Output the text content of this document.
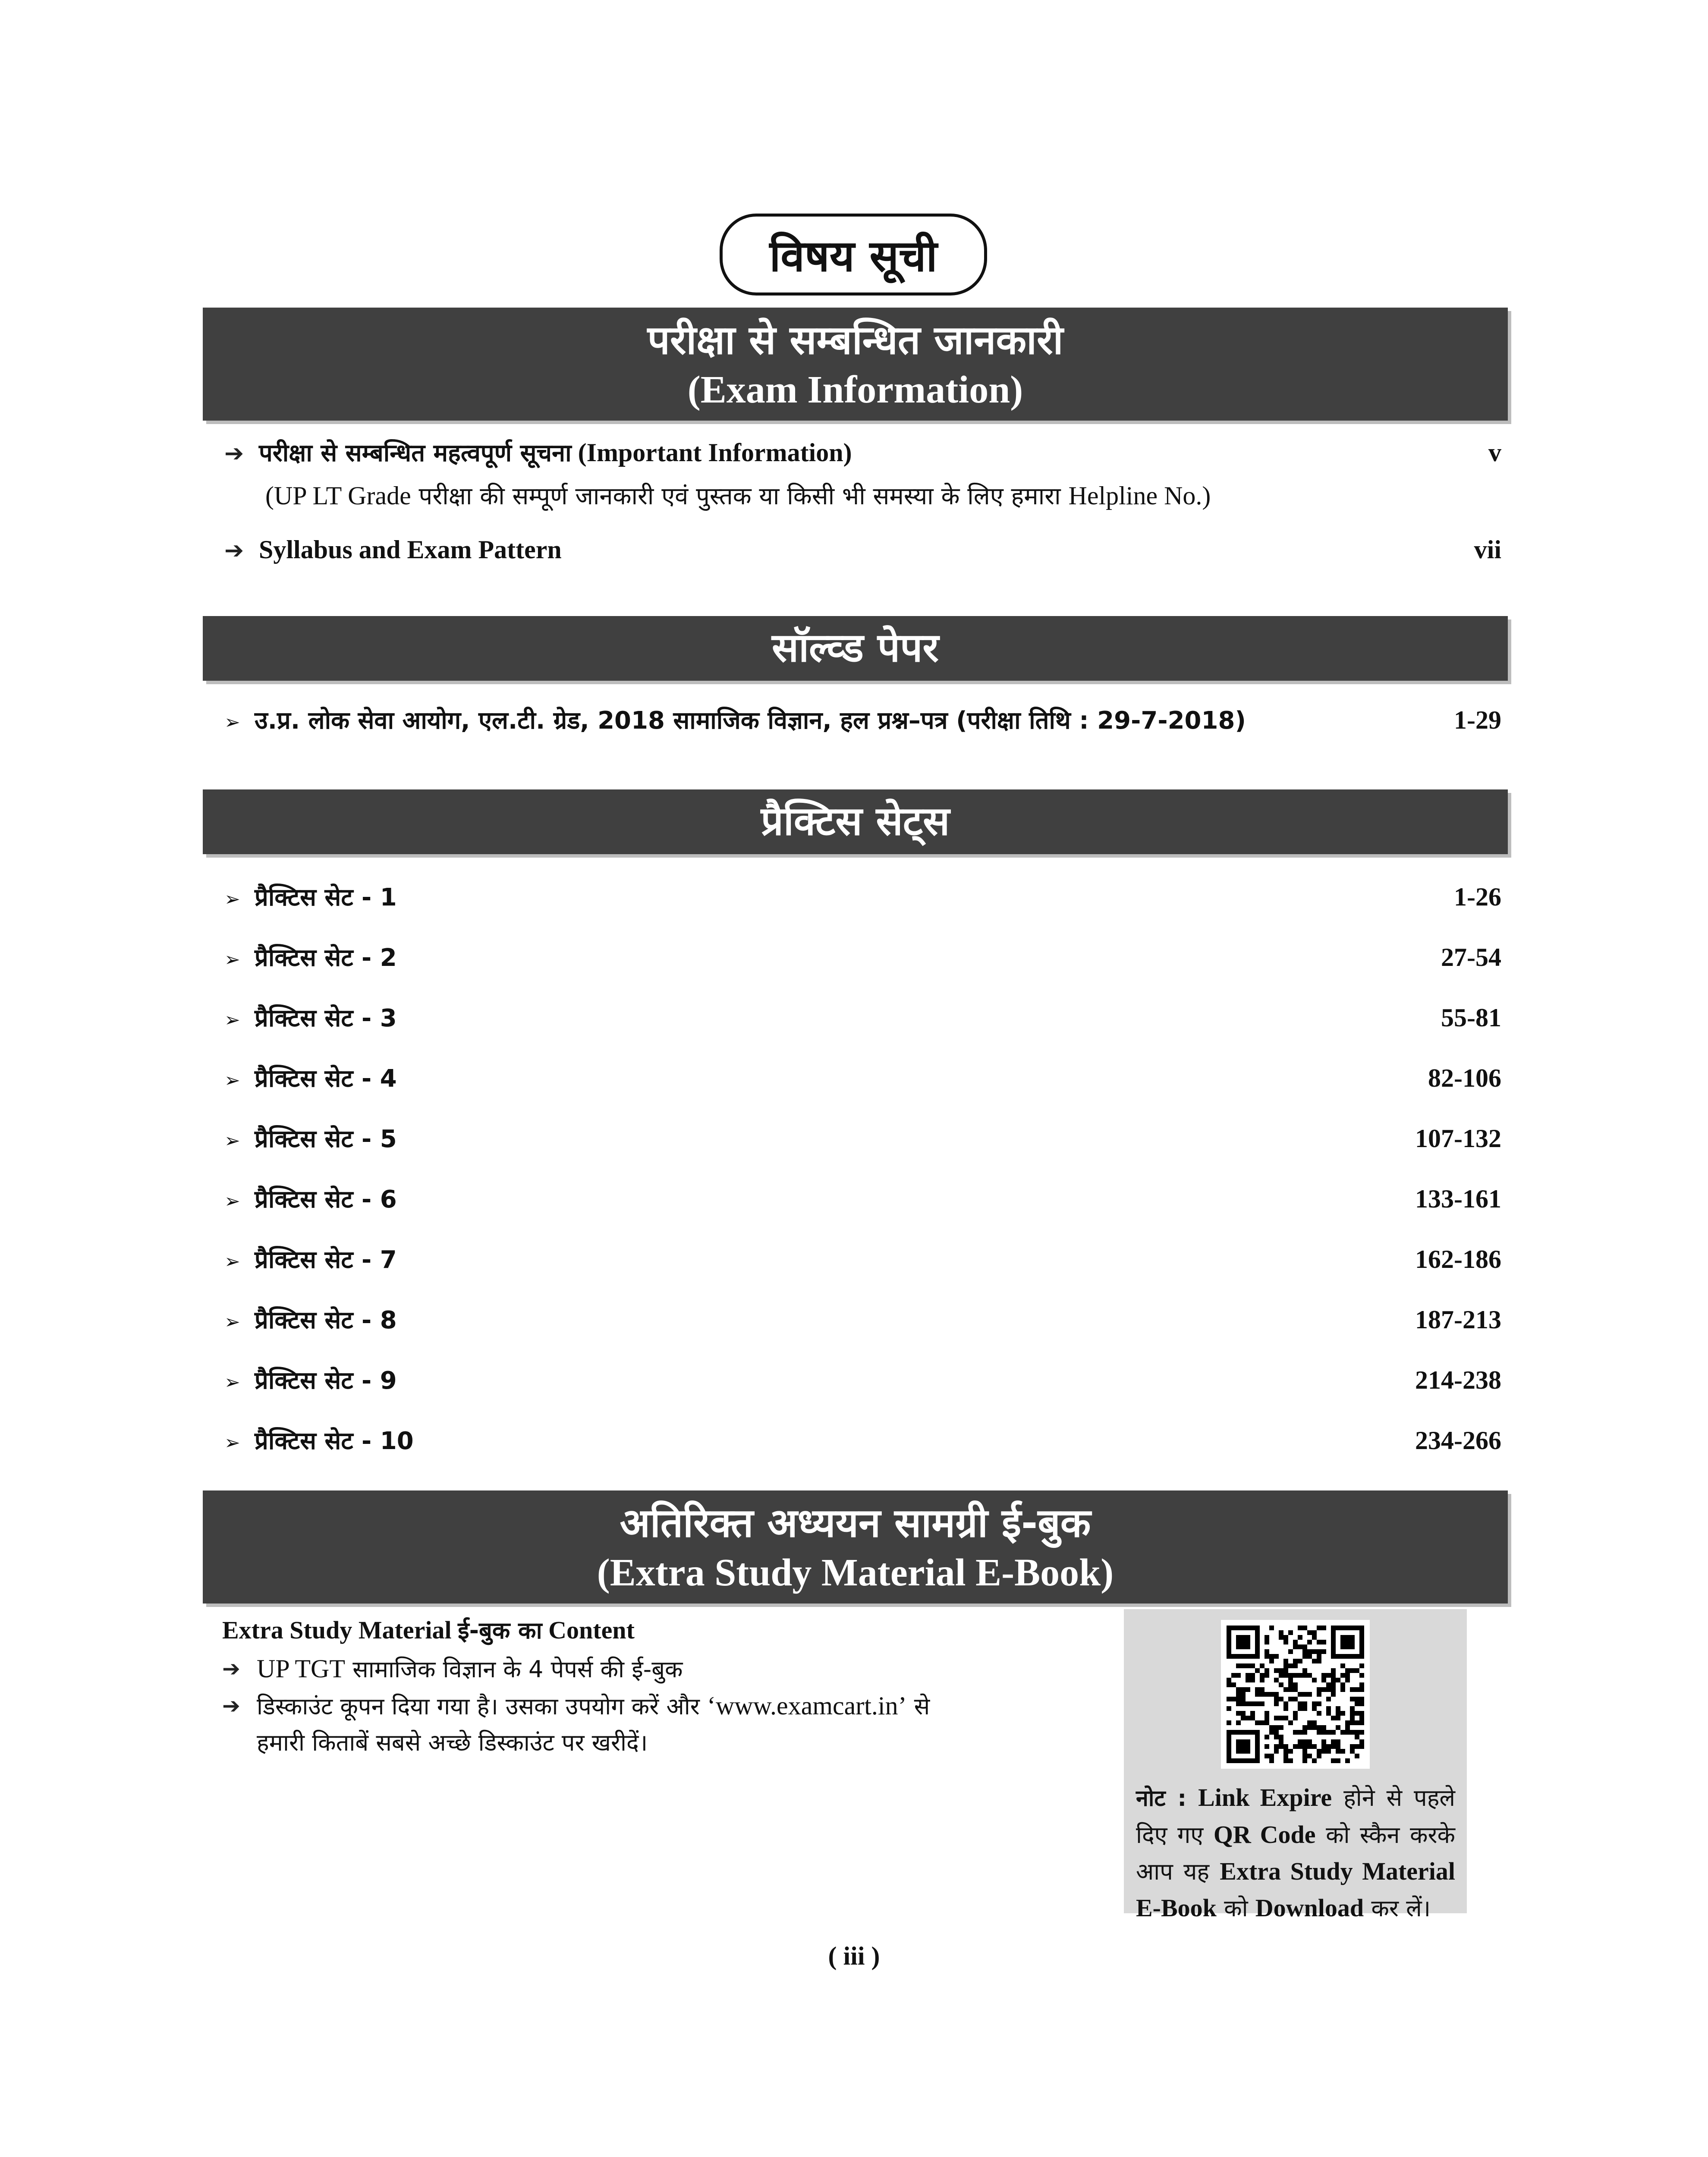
विषय सूची
परीक्षा से सम्बन्धित जानकारी
(Exam Information)
➔ परीक्षा से सम्बन्धित महत्वपूर्ण सूचना (Important Information)	v
(UP LT Grade परीक्षा की सम्पूर्ण जानकारी एवं पुस्तक या किसी भी समस्या के लिए हमारा Helpline No.)
➔ Syllabus and Exam Pattern	vii
सॉल्व्ड पेपर
➢ उ.प्र. लोक सेवा आयोग, एल.टी. ग्रेड, 2018 सामाजिक विज्ञान, हल प्रश्न–पत्र (परीक्षा तिथि : 29-7-2018)	1-29
प्रैक्टिस सेट्स
➢ प्रैक्टिस सेट - 1	1-26
➢ प्रैक्टिस सेट - 2	27-54
➢ प्रैक्टिस सेट - 3	55-81
➢ प्रैक्टिस सेट - 4	82-106
➢ प्रैक्टिस सेट - 5	107-132
➢ प्रैक्टिस सेट - 6	133-161
➢ प्रैक्टिस सेट - 7	162-186
➢ प्रैक्टिस सेट - 8	187-213
➢ प्रैक्टिस सेट - 9	214-238
➢ प्रैक्टिस सेट - 10	234-266
अतिरिक्त अध्ययन सामग्री ई-बुक
(Extra Study Material E-Book)
Extra Study Material ई-बुक का Content
➔ UP TGT सामाजिक विज्ञान के 4 पेपर्स की ई-बुक
➔ डिस्काउंट कूपन दिया गया है। उसका उपयोग करें और ‘www.examcart.in’ से
हमारी किताबें सबसे अच्छे डिस्काउंट पर खरीदें।
नोट : Link Expire होने से पहले दिए गए QR Code को स्कैन करके आप यह Extra Study Material E-Book को Download कर लें।
( iii )
